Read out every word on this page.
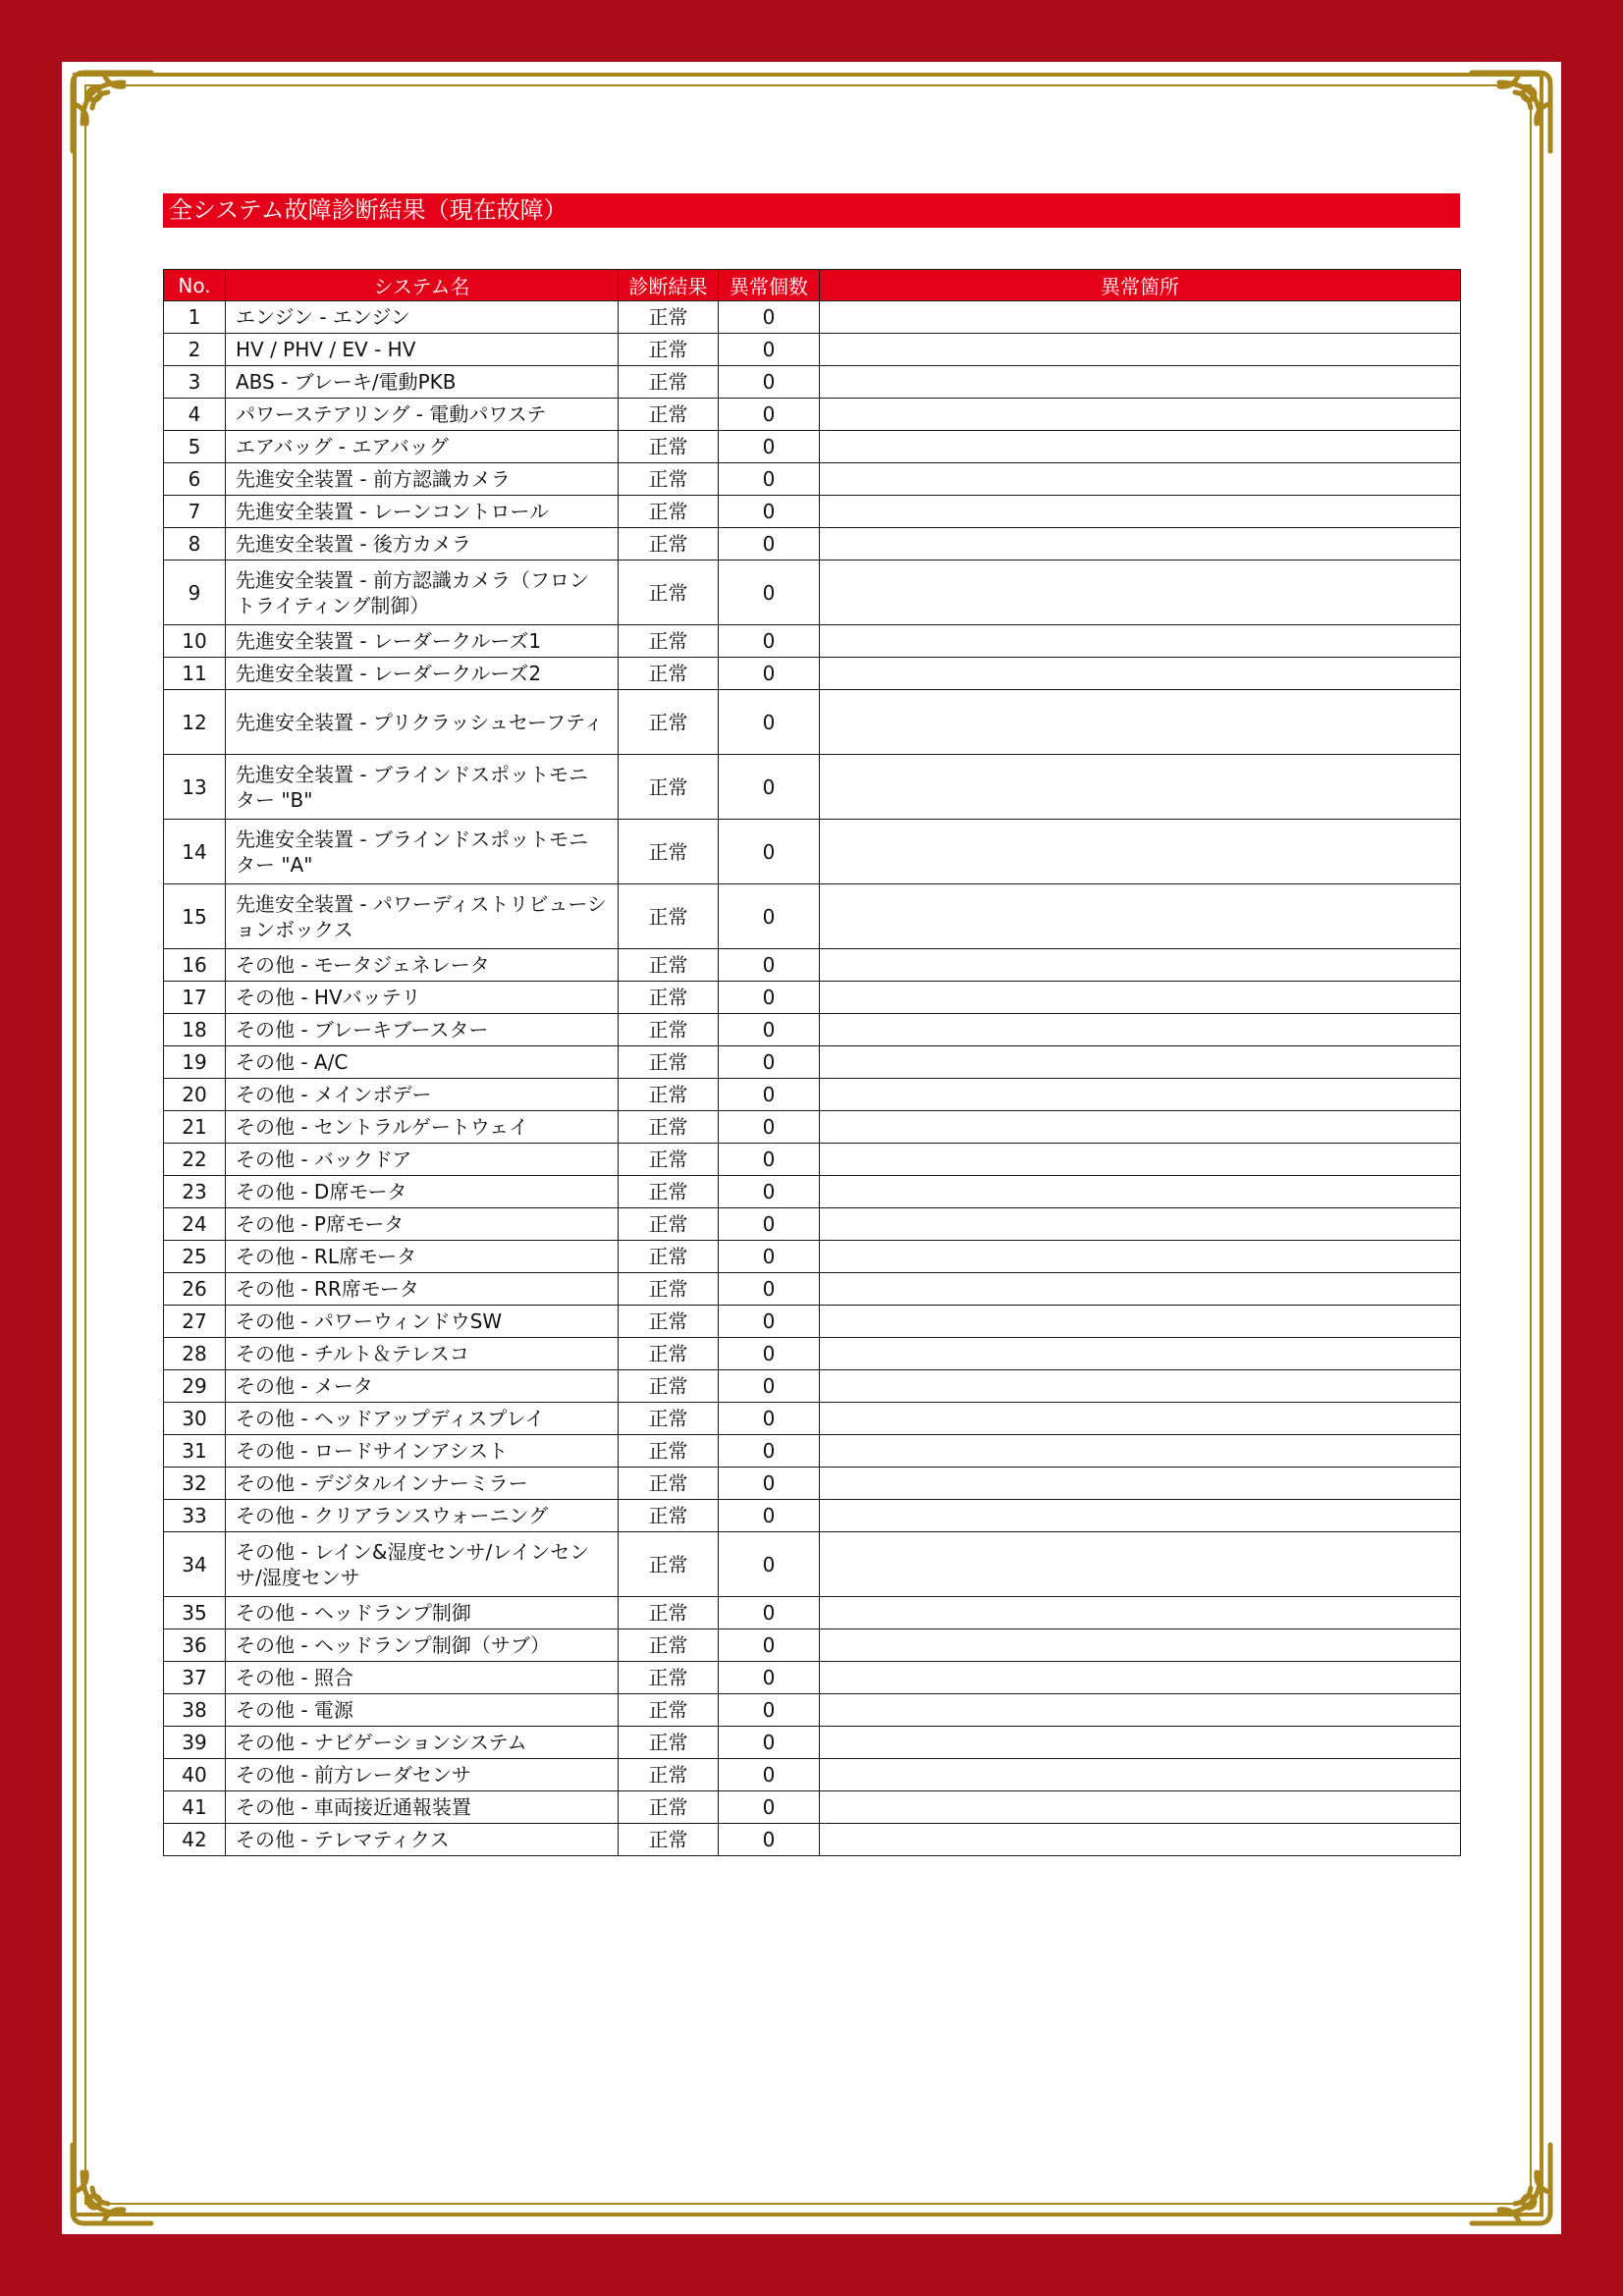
全システム故障診断結果（現在故障）
No.	システム名	診断結果	異常個数	異常箇所
1	エンジン - エンジン	正常	0	
2	HV / PHV / EV - HV	正常	0	
3	ABS - ブレーキ/電動PKB	正常	0	
4	パワーステアリング - 電動パワステ	正常	0	
5	エアバッグ - エアバッグ	正常	0	
6	先進安全装置 - 前方認識カメラ	正常	0	
7	先進安全装置 - レーンコントロール	正常	0	
8	先進安全装置 - 後方カメラ	正常	0	
9	先進安全装置 - 前方認識カメラ（フロントライティング制御）	正常	0	
10	先進安全装置 - レーダークルーズ1	正常	0	
11	先進安全装置 - レーダークルーズ2	正常	0	
12	先進安全装置 - プリクラッシュセーフティ	正常	0	
13	先進安全装置 - ブラインドスポットモニター "B"	正常	0	
14	先進安全装置 - ブラインドスポットモニター "A"	正常	0	
15	先進安全装置 - パワーディストリビューションボックス	正常	0	
16	その他 - モータジェネレータ	正常	0	
17	その他 - HVバッテリ	正常	0	
18	その他 - ブレーキブースター	正常	0	
19	その他 - A/C	正常	0	
20	その他 - メインボデー	正常	0	
21	その他 - セントラルゲートウェイ	正常	0	
22	その他 - バックドア	正常	0	
23	その他 - D席モータ	正常	0	
24	その他 - P席モータ	正常	0	
25	その他 - RL席モータ	正常	0	
26	その他 - RR席モータ	正常	0	
27	その他 - パワーウィンドウSW	正常	0	
28	その他 - チルト＆テレスコ	正常	0	
29	その他 - メータ	正常	0	
30	その他 - ヘッドアップディスプレイ	正常	0	
31	その他 - ロードサインアシスト	正常	0	
32	その他 - デジタルインナーミラー	正常	0	
33	その他 - クリアランスウォーニング	正常	0	
34	その他 - レイン&湿度センサ/レインセンサ/湿度センサ	正常	0	
35	その他 - ヘッドランプ制御	正常	0	
36	その他 - ヘッドランプ制御（サブ）	正常	0	
37	その他 - 照合	正常	0	
38	その他 - 電源	正常	0	
39	その他 - ナビゲーションシステム	正常	0	
40	その他 - 前方レーダセンサ	正常	0	
41	その他 - 車両接近通報装置	正常	0	
42	その他 - テレマティクス	正常	0	
